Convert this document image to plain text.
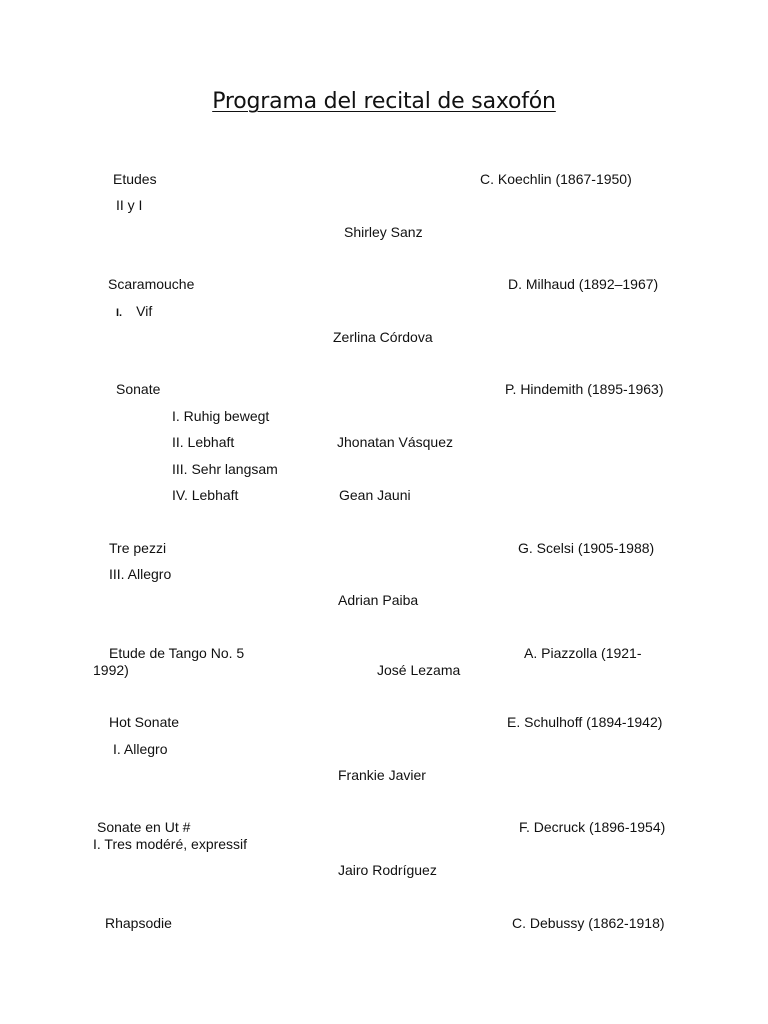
Programa del recital de saxofón
Etudes	C. Koechlin (1867-1950)
II y I
Shirley Sanz
Scaramouche	D. Milhaud (1892–1967)
I. Vif
Zerlina Córdova
Sonate	P. Hindemith (1895-1963)
I. Ruhig bewegt
II. Lebhaft	Jhonatan Vásquez
III. Sehr langsam
IV. Lebhaft	Gean Jauni
Tre pezzi	G. Scelsi (1905-1988)
III. Allegro
Adrian Paiba
Etude de Tango No. 5	A. Piazzolla (1921-
1992)	José Lezama
Hot Sonate	E. Schulhoff (1894-1942)
I. Allegro
Frankie Javier
Sonate en Ut #	F. Decruck (1896-1954)
I. Tres modéré, expressif
Jairo Rodríguez
Rhapsodie	C. Debussy (1862-1918)
